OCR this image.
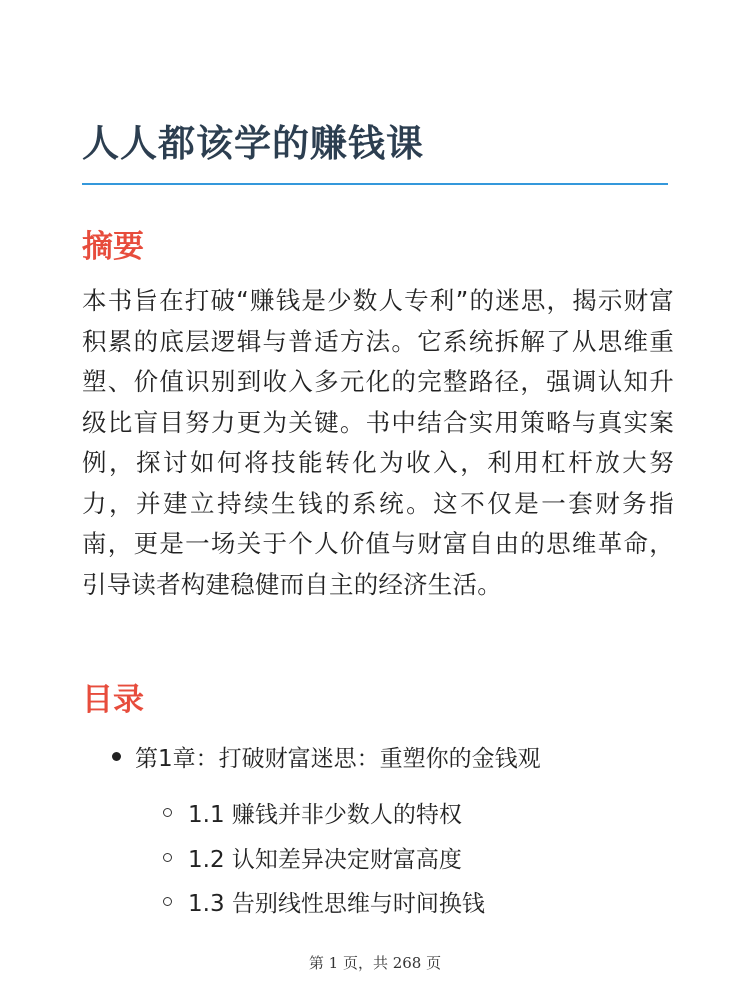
人人都该学的赚钱课
摘要

本书旨在打破“赚钱是少数人专利”的迷思，揭示财富积累的底层逻辑与普适方法。它系统拆解了从思维重塑、价值识别到收入多元化的完整路径，强调认知升级比盲目努力更为关键。书中结合实用策略与真实案例，探讨如何将技能转化为收入，利用杠杆放大努力，并建立持续生钱的系统。这不仅是一套财务指南，更是一场关于个人价值与财富自由的思维革命，引导读者构建稳健而自主的经济生活。

目录
第1章：打破财富迷思：重塑你的金钱观
1.1 赚钱并非少数人的特权
1.2 认知差异决定财富高度
1.3 告别线性思维与时间换钱
第 1 页，共 268 页
